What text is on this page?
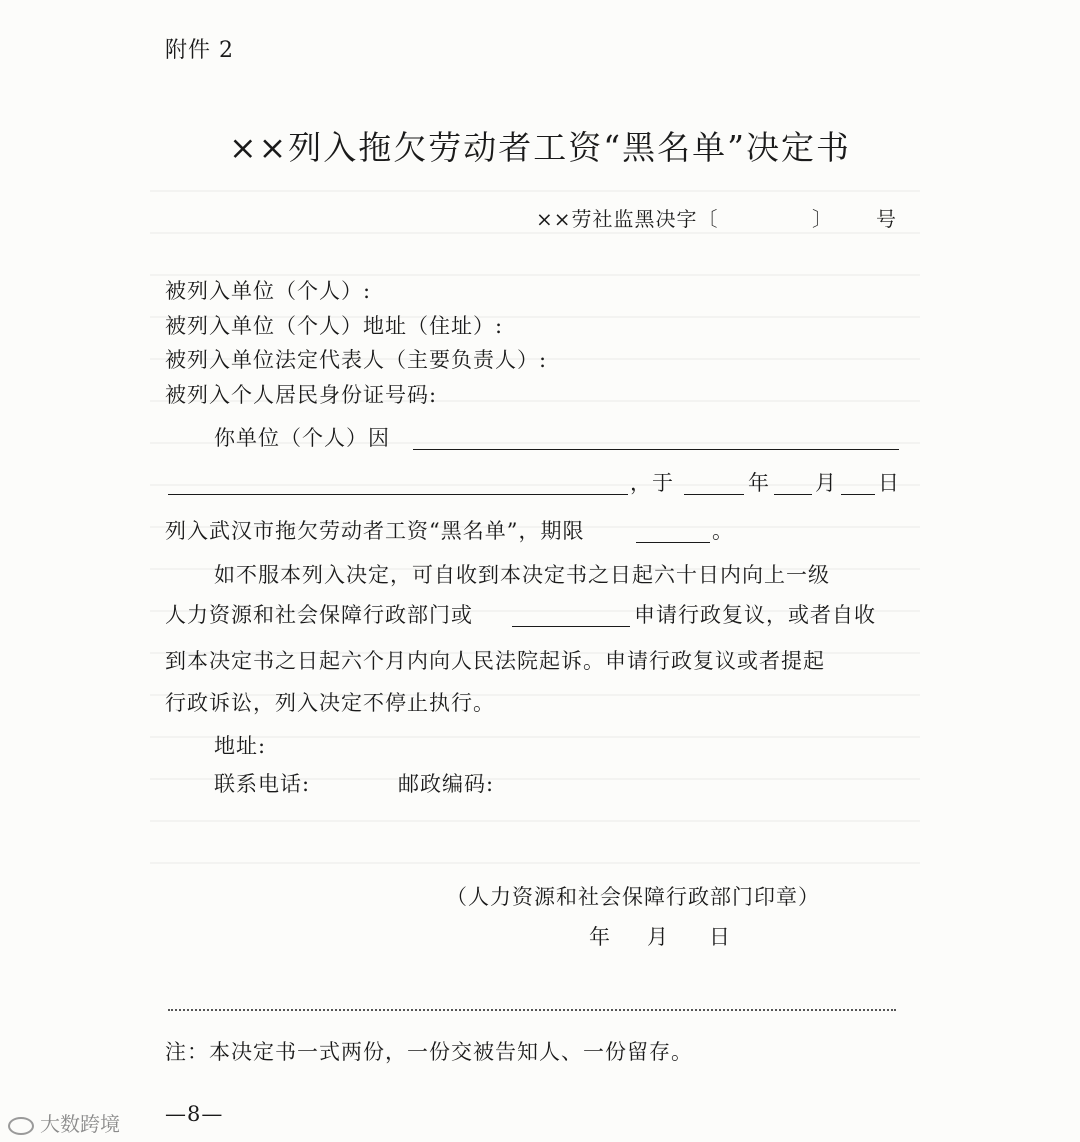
附件 2
××列入拖欠劳动者工资“黑名单”决定书
××劳社监黑决字〔	〕 号
被列入单位（个人）:
被列入单位（个人）地址（住址）:
被列入单位法定代表人（主要负责人）:
被列入个人居民身份证号码:
你单位（个人）因
，于	年 月 日
列入武汉市拖欠劳动者工资“黑名单”，期限	。
如不服本列入决定，可自收到本决定书之日起六十日内向上一级
人力资源和社会保障行政部门或	申请行政复议，或者自收
到本决定书之日起六个月内向人民法院起诉。申请行政复议或者提起
行政诉讼，列入决定不停止执行。
地址:
联系电话:	邮政编码:
（人力资源和社会保障行政部门印章）
年 月 日
注：本决定书一式两份，一份交被告知人、一份留存。
—8—
大数跨境
